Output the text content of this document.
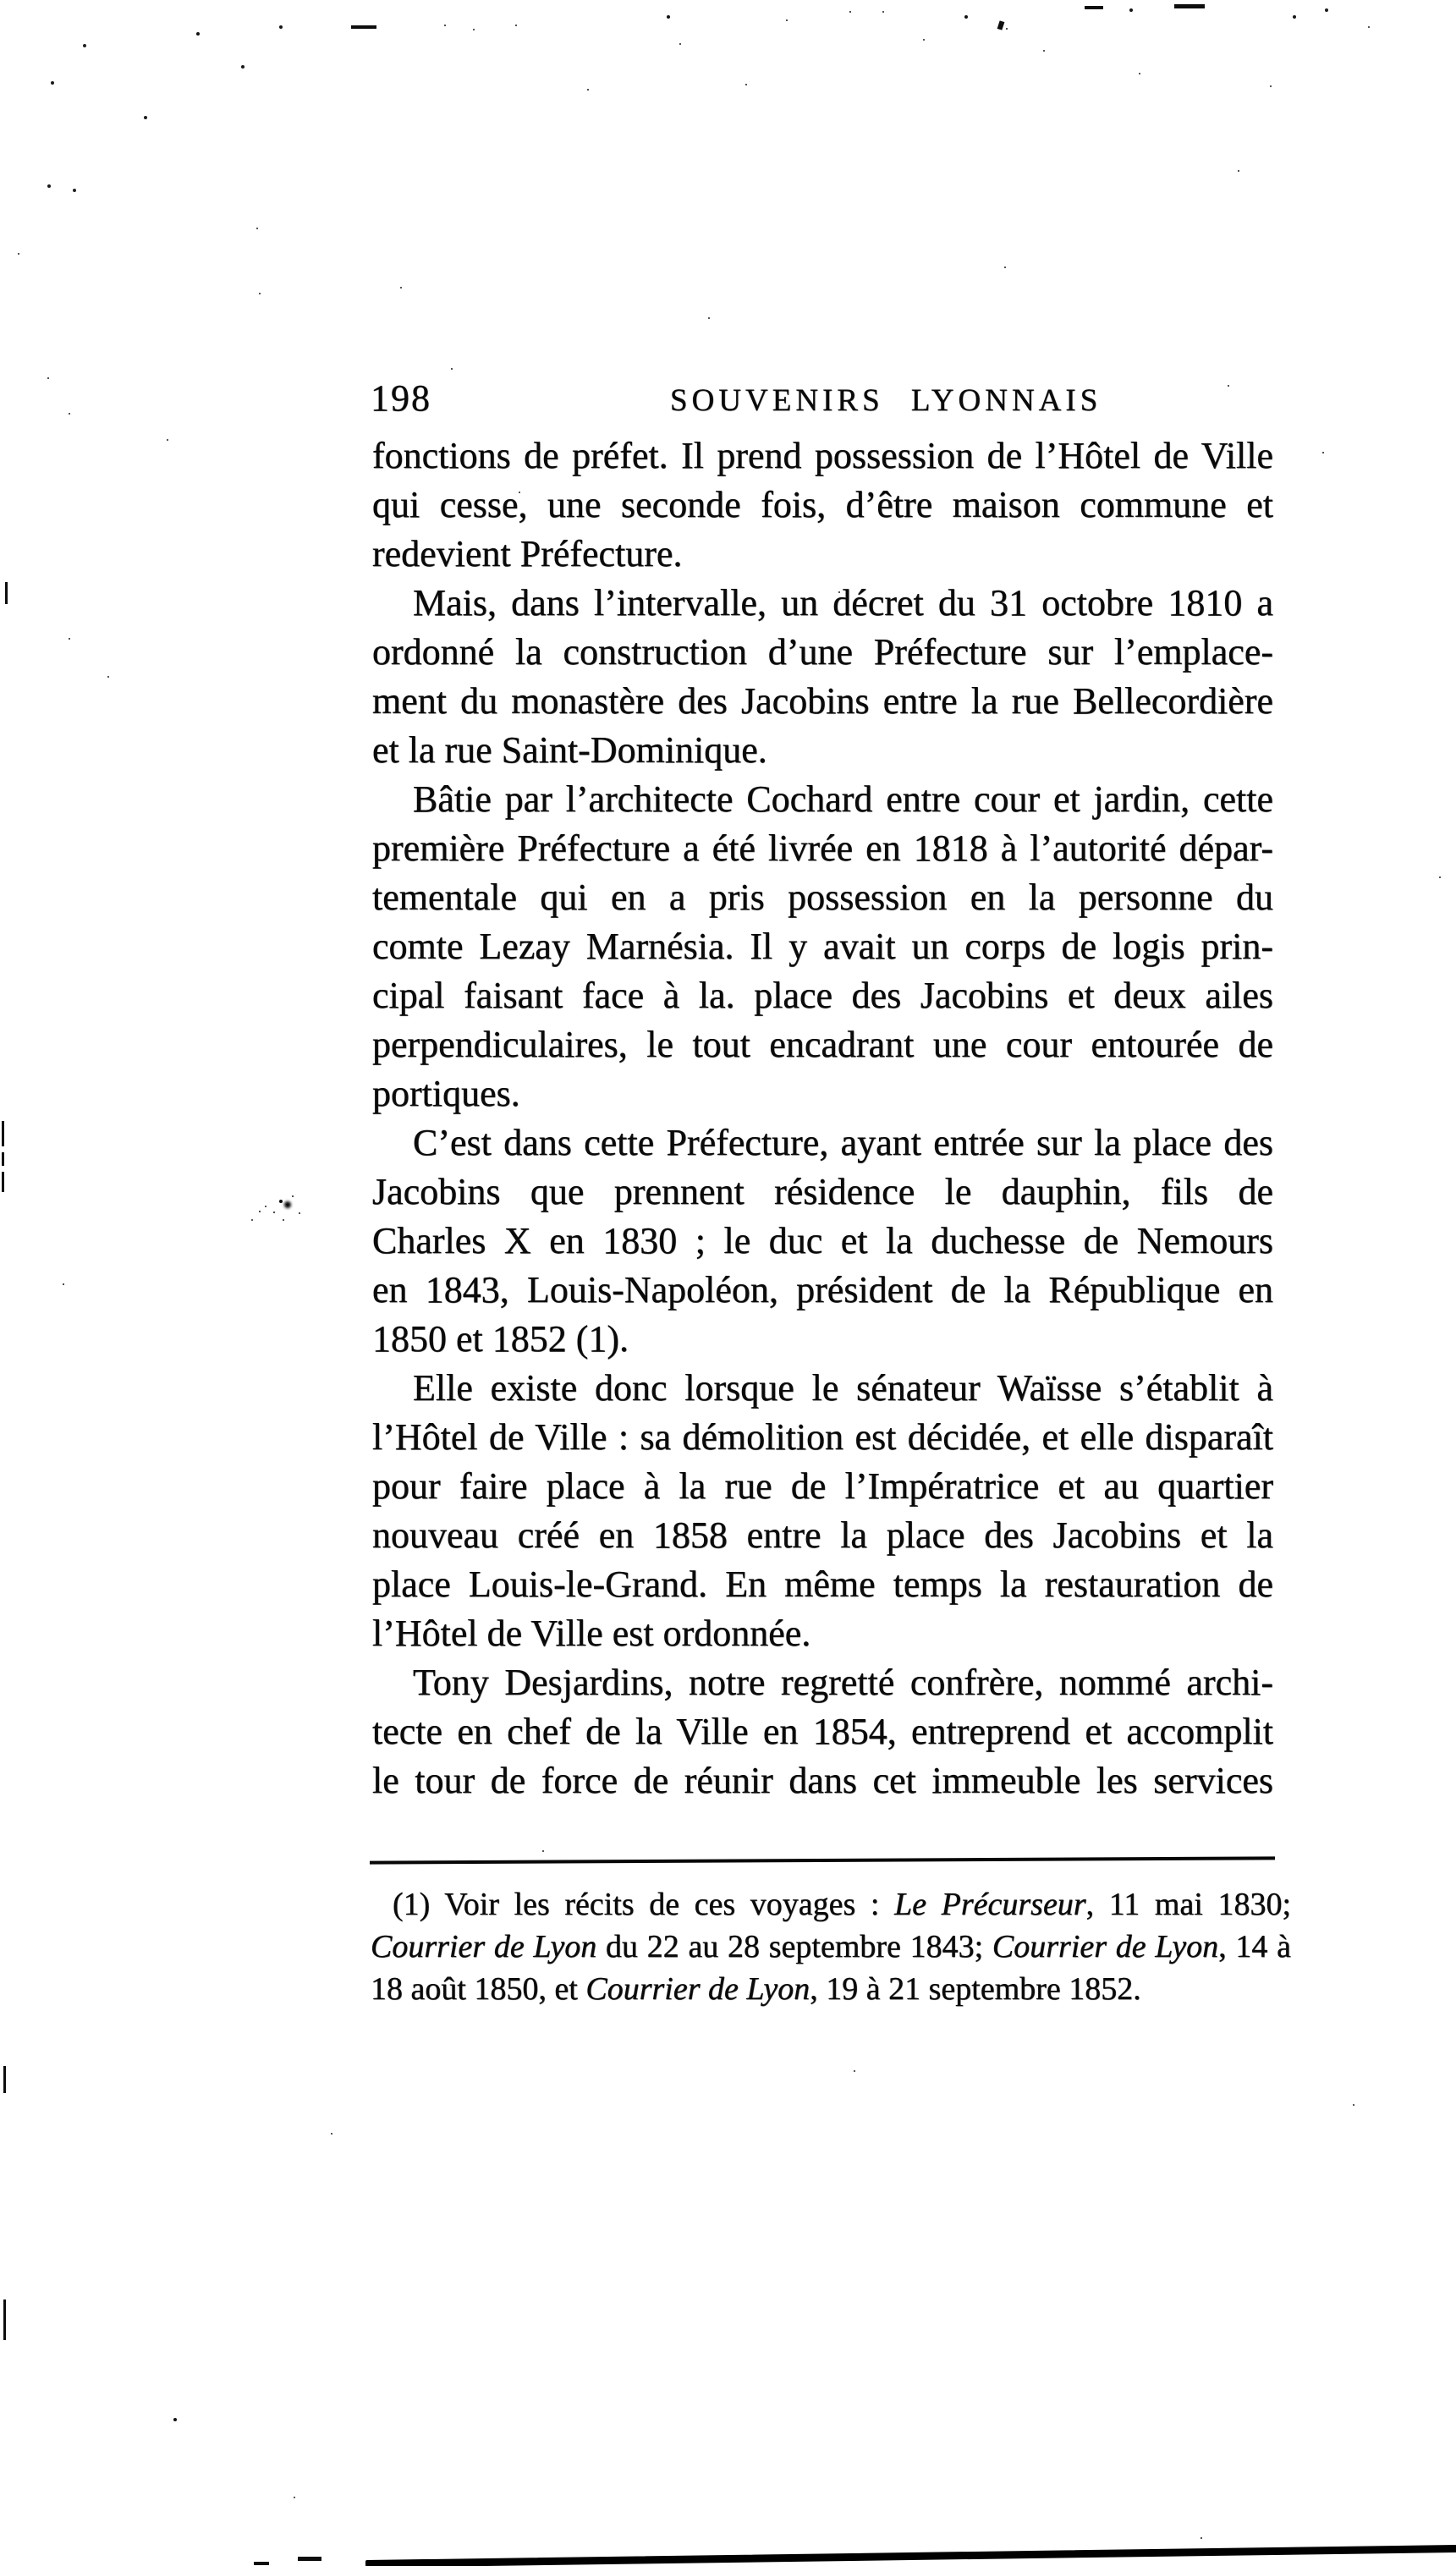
198	SOUVENIRS LYONNAIS
fonctions de préfet. Il prend possession de l’Hôtel de Ville
qui cesse, une seconde fois, d’être maison commune et
redevient Préfecture.
Mais, dans l’intervalle, un décret du 31 octobre 1810 a
ordonné la construction d’une Préfecture sur l’emplace-
ment du monastère des Jacobins entre la rue Bellecordière
et la rue Saint-Dominique.
Bâtie par l’architecte Cochard entre cour et jardin, cette
première Préfecture a été livrée en 1818 à l’autorité dépar-
tementale qui en a pris possession en la personne du
comte Lezay Marnésia. Il y avait un corps de logis prin-
cipal faisant face à la. place des Jacobins et deux ailes
perpendiculaires, le tout encadrant une cour entourée de
portiques.
C’est dans cette Préfecture, ayant entrée sur la place des
Jacobins que prennent résidence le dauphin, fils de
Charles X en 1830 ; le duc et la duchesse de Nemours
en 1843, Louis-Napoléon, président de la République en
1850 et 1852 (1).
Elle existe donc lorsque le sénateur Waïsse s’établit à
l’Hôtel de Ville : sa démolition est décidée, et elle disparaît
pour faire place à la rue de l’Impératrice et au quartier
nouveau créé en 1858 entre la place des Jacobins et la
place Louis-le-Grand. En même temps la restauration de
l’Hôtel de Ville est ordonnée.
Tony Desjardins, notre regretté confrère, nommé archi-
tecte en chef de la Ville en 1854, entreprend et accomplit
le tour de force de réunir dans cet immeuble les services
(1) Voir les récits de ces voyages : Le Précurseur, 11 mai 1830;
Courrier de Lyon du 22 au 28 septembre 1843; Courrier de Lyon, 14 à
18 août 1850, et Courrier de Lyon, 19 à 21 septembre 1852.
